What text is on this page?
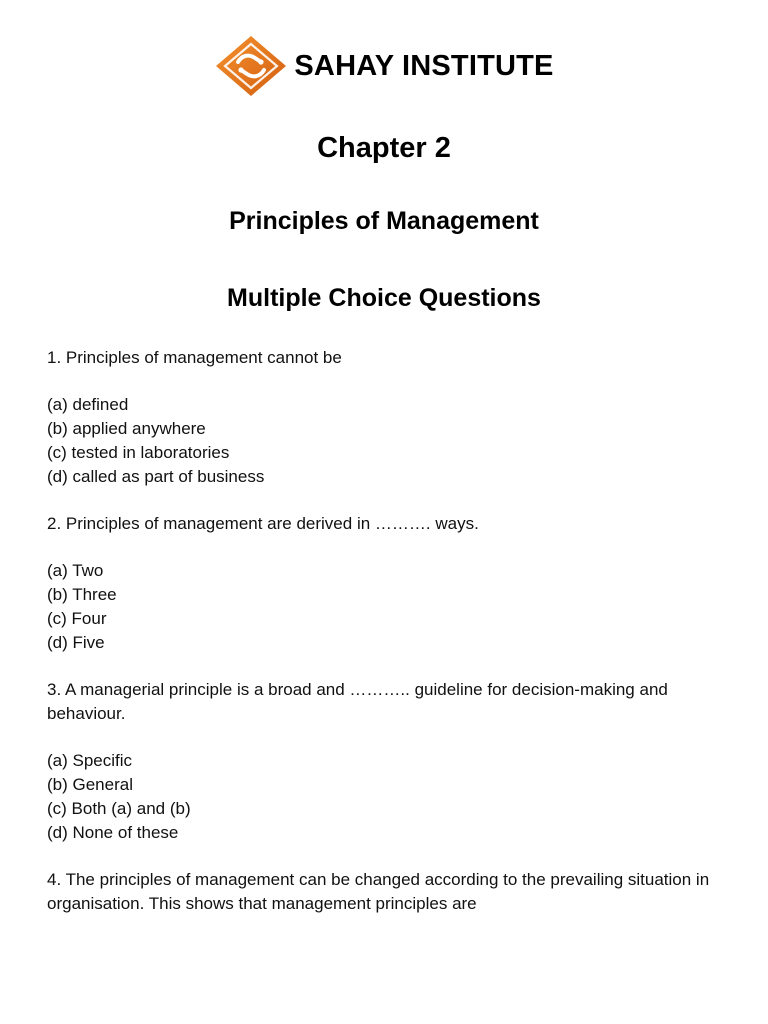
SAHAY INSTITUTE
Chapter 2
Principles of Management
Multiple Choice Questions

1. Principles of management cannot be

(a) defined
(b) applied anywhere
(c) tested in laboratories
(d) called as part of business

2. Principles of management are derived in ………. ways.

(a) Two
(b) Three
(c) Four
(d) Five

3. A managerial principle is a broad and ……….. guideline for decision-making and behaviour.

(a) Specific
(b) General
(c) Both (a) and (b)
(d) None of these

4. The principles of management can be changed according to the prevailing situation in organisation. This shows that management principles are
